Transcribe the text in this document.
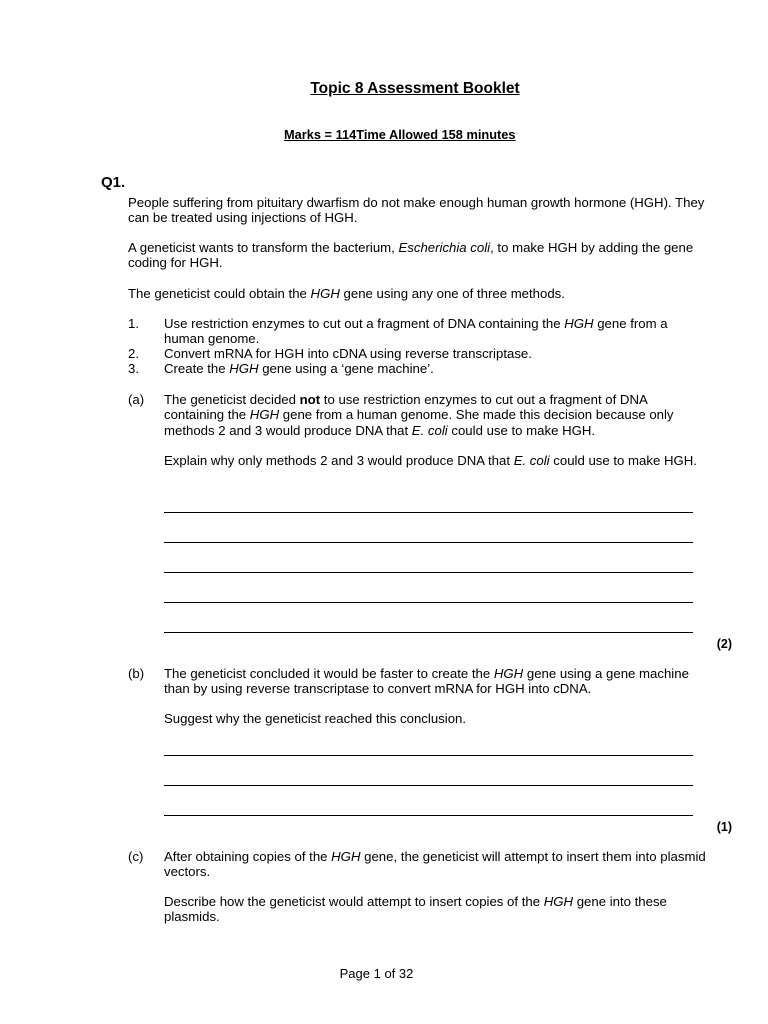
Topic 8 Assessment Booklet
Marks = 114Time Allowed 158 minutes
Q1.
People suffering from pituitary dwarfism do not make enough human growth hormone (HGH). They can be treated using injections of HGH.
A geneticist wants to transform the bacterium, Escherichia coli, to make HGH by adding the gene coding for HGH.
The geneticist could obtain the HGH gene using any one of three methods.
1. Use restriction enzymes to cut out a fragment of DNA containing the HGH gene from a human genome.
2. Convert mRNA for HGH into cDNA using reverse transcriptase.
3. Create the HGH gene using a ‘gene machine’.
(a) The geneticist decided not to use restriction enzymes to cut out a fragment of DNA containing the HGH gene from a human genome. She made this decision because only methods 2 and 3 would produce DNA that E. coli could use to make HGH.
Explain why only methods 2 and 3 would produce DNA that E. coli could use to make HGH.
(2)
(b) The geneticist concluded it would be faster to create the HGH gene using a gene machine than by using reverse transcriptase to convert mRNA for HGH into cDNA.
Suggest why the geneticist reached this conclusion.
(1)
(c) After obtaining copies of the HGH gene, the geneticist will attempt to insert them into plasmid vectors.
Describe how the geneticist would attempt to insert copies of the HGH gene into these plasmids.
Page 1 of 32
